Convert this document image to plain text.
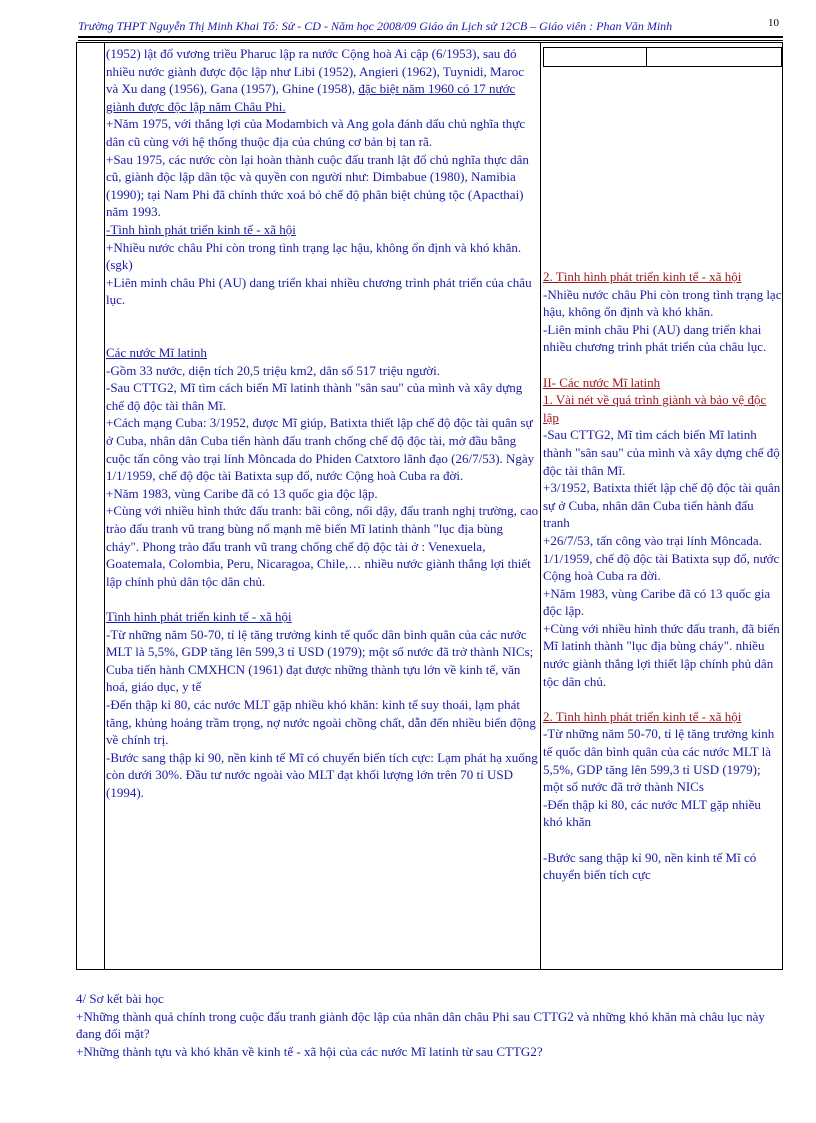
Trường THPT Nguyễn Thị Minh Khai Tổ: Sử - CD - Năm học 2008/09 Giáo án Lịch sử 12CB – Giáo viên : Phan Văn Minh	10

(1952) lật đổ vương triều Pharuc lập ra nước Cộng hoà Ai cập (6/1953), sau đó nhiều nước giành được độc lập như Libi (1952), Angieri (1962), Tuynidi, Maroc và Xu dang (1956), Gana (1957), Ghine (1958), đặc biệt năm 1960 có 17 nước giành được độc lập năm Châu Phi.

+Năm 1975, với thắng lợi của Modambich và Ang gola đánh dấu chủ nghĩa thực dân cũ cùng với hệ thống thuộc địa của chúng cơ bản bị tan rã.

+Sau 1975, các nước còn lại hoàn thành cuộc đấu tranh lật đổ chủ nghĩa thực dân cũ, giành độc lập dân tộc và quyền con người như: Dimbabue (1980), Namibia (1990); tại Nam Phi đã chính thức xoá bỏ chế độ phân biệt chủng tộc (Apacthai) năm 1993.

-Tình hình phát triển kinh tế - xã hội

+Nhiều nước châu Phi còn trong tình trạng lạc hậu, không ổn định và khó khăn.(sgk)

+Liên minh châu Phi (AU) dang triển khai nhiều chương trình phát triển của châu lục.

Các nước Mĩ latinh

-Gồm 33 nước, diện tích 20,5 triệu km2, dân số 517 triệu người.

-Sau CTTG2, Mĩ tìm cách biến Mĩ latinh thành "sân sau" của mình và xây dựng chế độ độc tài thân Mĩ.

+Cách mạng Cuba: 3/1952, được Mĩ giúp, Batixta thiết lập chế độ độc tài quân sự ở Cuba, nhân dân Cuba tiến hành đấu tranh chống chế độ độc tài, mở đầu bằng cuộc tấn công vào trại lính Môncada do Phiden Catxtoro lãnh đạo (26/7/53). Ngày 1/1/1959, chế độ độc tài Batixta sụp đổ, nước Cộng hoà Cuba ra đời.

+Năm 1983, vùng Caribe đã có 13 quốc gia độc lập.

+Cùng với nhiều hình thức đấu tranh: bãi công, nổi dậy, đấu tranh nghị trường, cao trào đấu tranh vũ trang bùng nổ mạnh mẽ biến Mĩ latinh thành "lục địa bùng cháy". Phong trào đấu tranh vũ trang chống chế độ độc tài ở : Venexuela, Goatemala, Colombia, Peru, Nicaragoa, Chile,… nhiều nước giành thắng lợi thiết lập chính phủ dân tộc dân chủ.

Tình hình phát triển kinh tế - xã hội

-Từ những năm 50-70, tỉ lệ tăng trưởng kinh tế quốc dân bình quân của các nước MLT là 5,5%, GDP tăng lên 599,3 tỉ USD (1979); một số nước đã trở thành NICs; Cuba tiến hành CMXHCN (1961) đạt được những thành tựu lớn về kinh tế, văn hoá, giáo dục, y tế

-Đến thập kỉ 80, các nước MLT gặp nhiều khó khăn: kinh tế suy thoái, lạm phát tăng, khủng hoảng trầm trọng, nợ nước ngoài chồng chất, dẫn đến nhiều biến động về chính trị.

-Bước sang thập kỉ 90, nền kinh tế Mĩ có chuyển biến tích cực: Lạm phát hạ xuống còn dưới 30%. Đầu tư nước ngoài vào MLT đạt khối lượng lớn trên 70 tỉ USD (1994).

2. Tình hình phát triển kinh tế - xã hội

-Nhiều nước châu Phi còn trong tình trạng lạc hậu, không ổn định và khó khăn.

-Liên minh châu Phi (AU) dang triển khai nhiều chương trình phát triển của châu lục.

II- Các nước Mĩ latinh

1. Vài nét về quá trình giành và bảo vệ độc lập

-Sau CTTG2, Mĩ tìm cách biến Mĩ latinh thành "sân sau" của mình và xây dựng chế độ độc tài thân Mĩ.

+3/1952, Batixta thiết lập chế độ độc tài quân sự ở Cuba, nhân dân Cuba tiến hành đấu tranh

+26/7/53, tấn công vào trại lính Môncada. 1/1/1959, chế độ độc tài Batixta sụp đổ, nước Cộng hoà Cuba ra đời.

+Năm 1983, vùng Caribe đã có 13 quốc gia độc lập.

+Cùng với nhiều hình thức đấu tranh, đã biến Mĩ latinh thành "lục địa bùng cháy". nhiều nước giành thắng lợi thiết lập chính phủ dân tộc dân chủ.

2. Tình hình phát triển kinh tế - xã hội

-Từ những năm 50-70, tỉ lệ tăng trưởng kinh tế quốc dân bình quân của các nước MLT là 5,5%, GDP tăng lên 599,3 tỉ USD (1979); một số nước đã trở thành NICs

-Đến thập kỉ 80, các nước MLT gặp nhiều khó khăn

-Bước sang thập kỉ 90, nền kinh tế Mĩ có chuyển biến tích cực

4/ Sơ kết bài học

+Những thành quả chính trong cuộc đấu tranh giành độc lập của nhân dân châu Phi sau CTTG2 và những khó khăn mà châu lục này đang đối mặt?

+Những thành tựu và khó khăn về kinh tế - xã hội của các nước Mĩ latinh từ sau CTTG2?
